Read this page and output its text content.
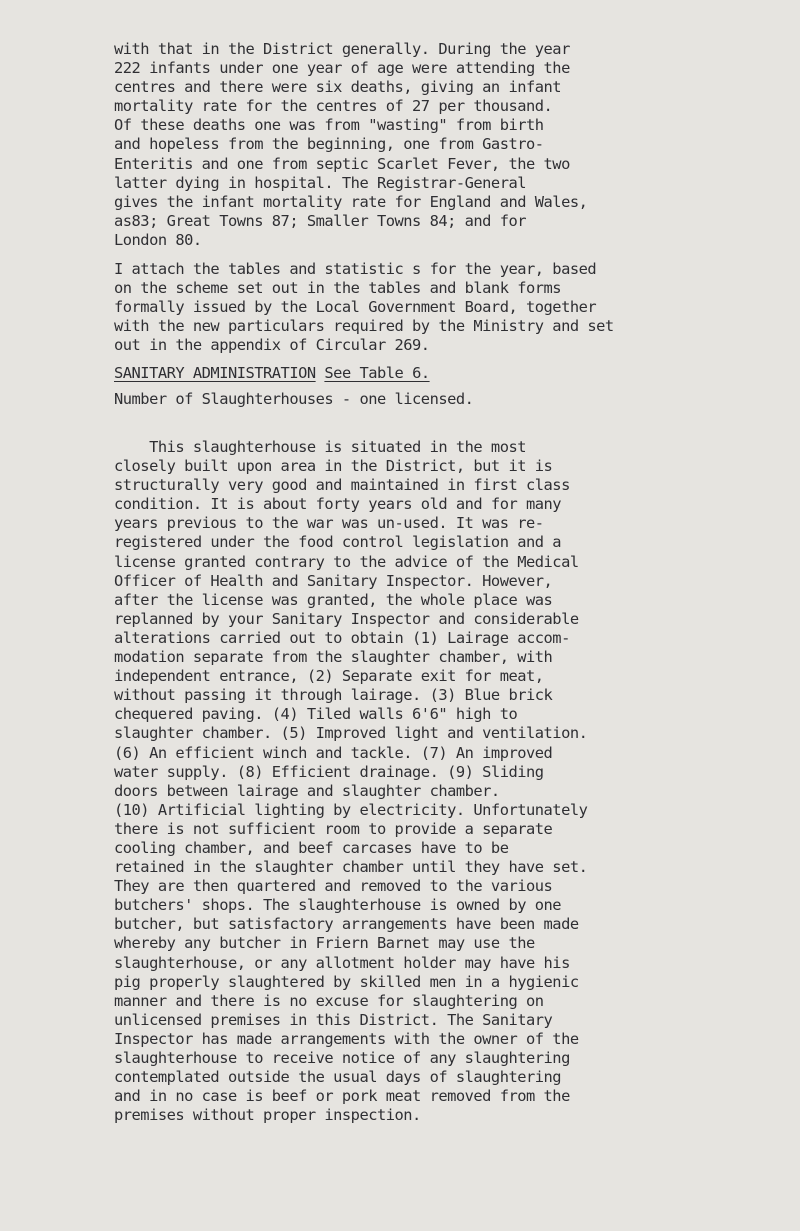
with that in the District generally. During the year

222 infants under one year of age were attending the

centres and there were six deaths, giving an infant

mortality rate for the centres of 27 per thousand.

Of these deaths one was from "wasting" from birth

and hopeless from the beginning, one from Gastro-

Enteritis and one from septic Scarlet Fever, the two

latter dying in hospital. The Registrar-General

gives the infant mortality rate for England and Wales,

as83; Great Towns 87; Smaller Towns 84; and for

London 80.

I attach the tables and statistic s for the year, based

on the scheme set out in the tables and blank forms

formally issued by the Local Government Board, together

with the new particulars required by the Ministry and set

out in the appendix of Circular 269.

SANITARY ADMINISTRATION See Table 6.

Number of Slaughterhouses - one licensed.

This slaughterhouse is situated in the most

closely built upon area in the District, but it is

structurally very good and maintained in first class

condition. It is about forty years old and for many

years previous to the war was un-used. It was re-

registered under the food control legislation and a

license granted contrary to the advice of the Medical

Officer of Health and Sanitary Inspector. However,

after the license was granted, the whole place was

replanned by your Sanitary Inspector and considerable

alterations carried out to obtain (1) Lairage accom-

modation separate from the slaughter chamber, with

independent entrance, (2) Separate exit for meat,

without passing it through lairage. (3) Blue brick

chequered paving. (4) Tiled walls 6'6" high to

slaughter chamber. (5) Improved light and ventilation.

(6) An efficient winch and tackle. (7) An improved

water supply. (8) Efficient drainage. (9) Sliding

doors between lairage and slaughter chamber.

(10) Artificial lighting by electricity. Unfortunately

there is not sufficient room to provide a separate

cooling chamber, and beef carcases have to be

retained in the slaughter chamber until they have set.

They are then quartered and removed to the various

butchers' shops. The slaughterhouse is owned by one

butcher, but satisfactory arrangements have been made

whereby any butcher in Friern Barnet may use the

slaughterhouse, or any allotment holder may have his

pig properly slaughtered by skilled men in a hygienic

manner and there is no excuse for slaughtering on

unlicensed premises in this District. The Sanitary

Inspector has made arrangements with the owner of the

slaughterhouse to receive notice of any slaughtering

contemplated outside the usual days of slaughtering

and in no case is beef or pork meat removed from the

premises without proper inspection.
